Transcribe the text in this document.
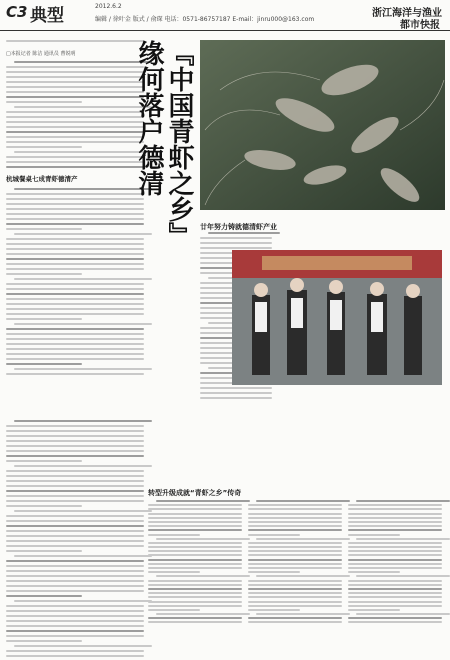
C3 典型	2012.6.2
编辑 / 徐叶金 版式 / 俞琛 电话：0571-86757187 E-mail：jinru000@163.com
浙江海洋与渔业
都市快报
□本报记者 陈洁 通讯员 曹锐明
杭城餐桌七成青虾德清产	『中国青虾之乡』缘何落户德清
廿年努力铸就德清虾产业
转型升级成就“青虾之乡”传奇
